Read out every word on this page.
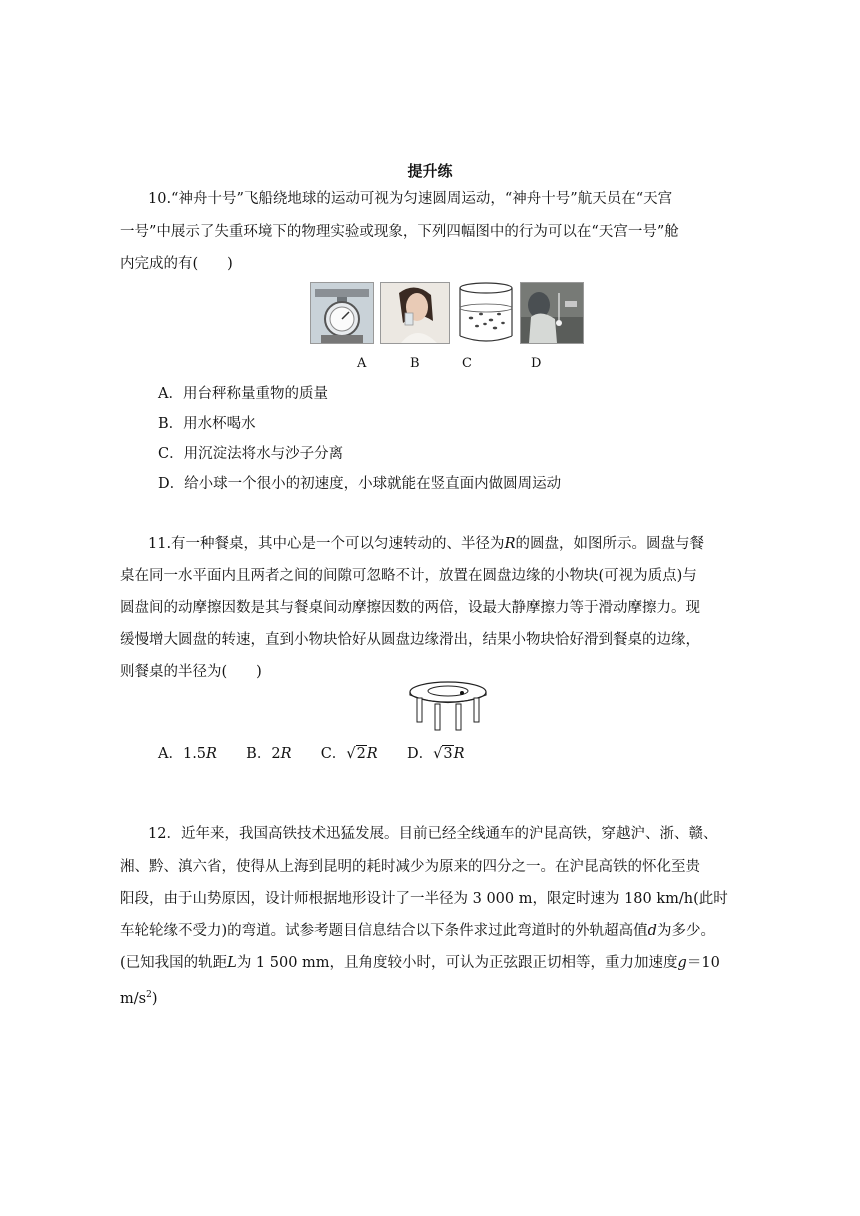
提升练
10.“神舟十号”飞船绕地球的运动可视为匀速圆周运动，“神舟十号”航天员在“天宫
一号”中展示了失重环境下的物理实验或现象，下列四幅图中的行为可以在“天宫一号”舱
内完成的有(　　)
A	B	C	D
A．用台秤称量重物的质量
B．用水杯喝水
C．用沉淀法将水与沙子分离
D．给小球一个很小的初速度，小球就能在竖直面内做圆周运动
11.有一种餐桌，其中心是一个可以匀速转动的、半径为R的圆盘，如图所示。圆盘与餐
桌在同一水平面内且两者之间的间隙可忽略不计，放置在圆盘边缘的小物块(可视为质点)与
圆盘间的动摩擦因数是其与餐桌间动摩擦因数的两倍，设最大静摩擦力等于滑动摩擦力。现
缓慢增大圆盘的转速，直到小物块恰好从圆盘边缘滑出，结果小物块恰好滑到餐桌的边缘，
则餐桌的半径为(　　)
A．1.5R B．2R C．√2R D．√3R
12．近年来，我国高铁技术迅猛发展。目前已经全线通车的沪昆高铁，穿越沪、浙、赣、
湘、黔、滇六省，使得从上海到昆明的耗时减少为原来的四分之一。在沪昆高铁的怀化至贵
阳段，由于山势原因，设计师根据地形设计了一半径为 3 000 m，限定时速为 180 km/h(此时
车轮轮缘不受力)的弯道。试参考题目信息结合以下条件求过此弯道时的外轨超高值d为多少。
(已知我国的轨距L为 1 500 mm，且角度较小时，可认为正弦跟正切相等，重力加速度g＝10
$m/s^2$)
